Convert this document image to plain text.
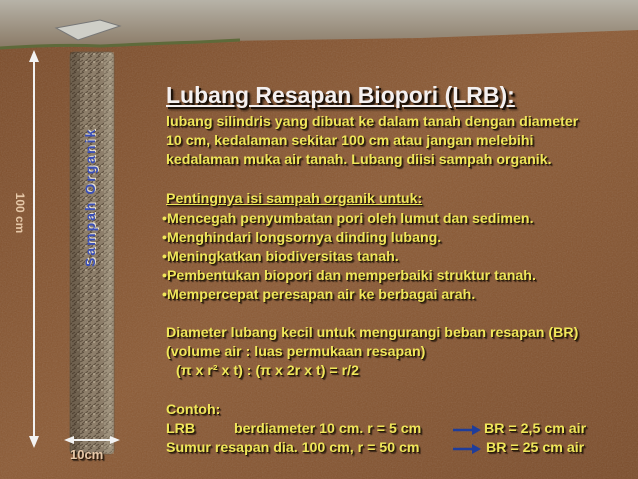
100 cm	Sampah Organik
10cm
Lubang Resapan Biopori (LRB):
lubang silindris yang dibuat ke dalam tanah dengan diameter
10 cm, kedalaman sekitar 100 cm atau jangan melebihi
kedalaman muka air tanah. Lubang diisi sampah organik.
Pentingnya isi sampah organik untuk:
•Mencegah penyumbatan pori oleh lumut dan sedimen.
•Menghindari longsornya dinding lubang.
•Meningkatkan biodiversitas tanah.
•Pembentukan biopori dan memperbaiki struktur tanah.
•Mempercepat peresapan air ke berbagai arah.
Diameter lubang kecil untuk mengurangi beban resapan (BR)
(volume air : luas permukaan resapan)
(π x r² x t) : (π x 2r x t) = r/2
Contoh:
LRB	berdiameter 10 cm. r = 5 cm	BR = 2,5 cm air
Sumur resapan dia. 100 cm, r = 50 cm	BR = 25 cm air
